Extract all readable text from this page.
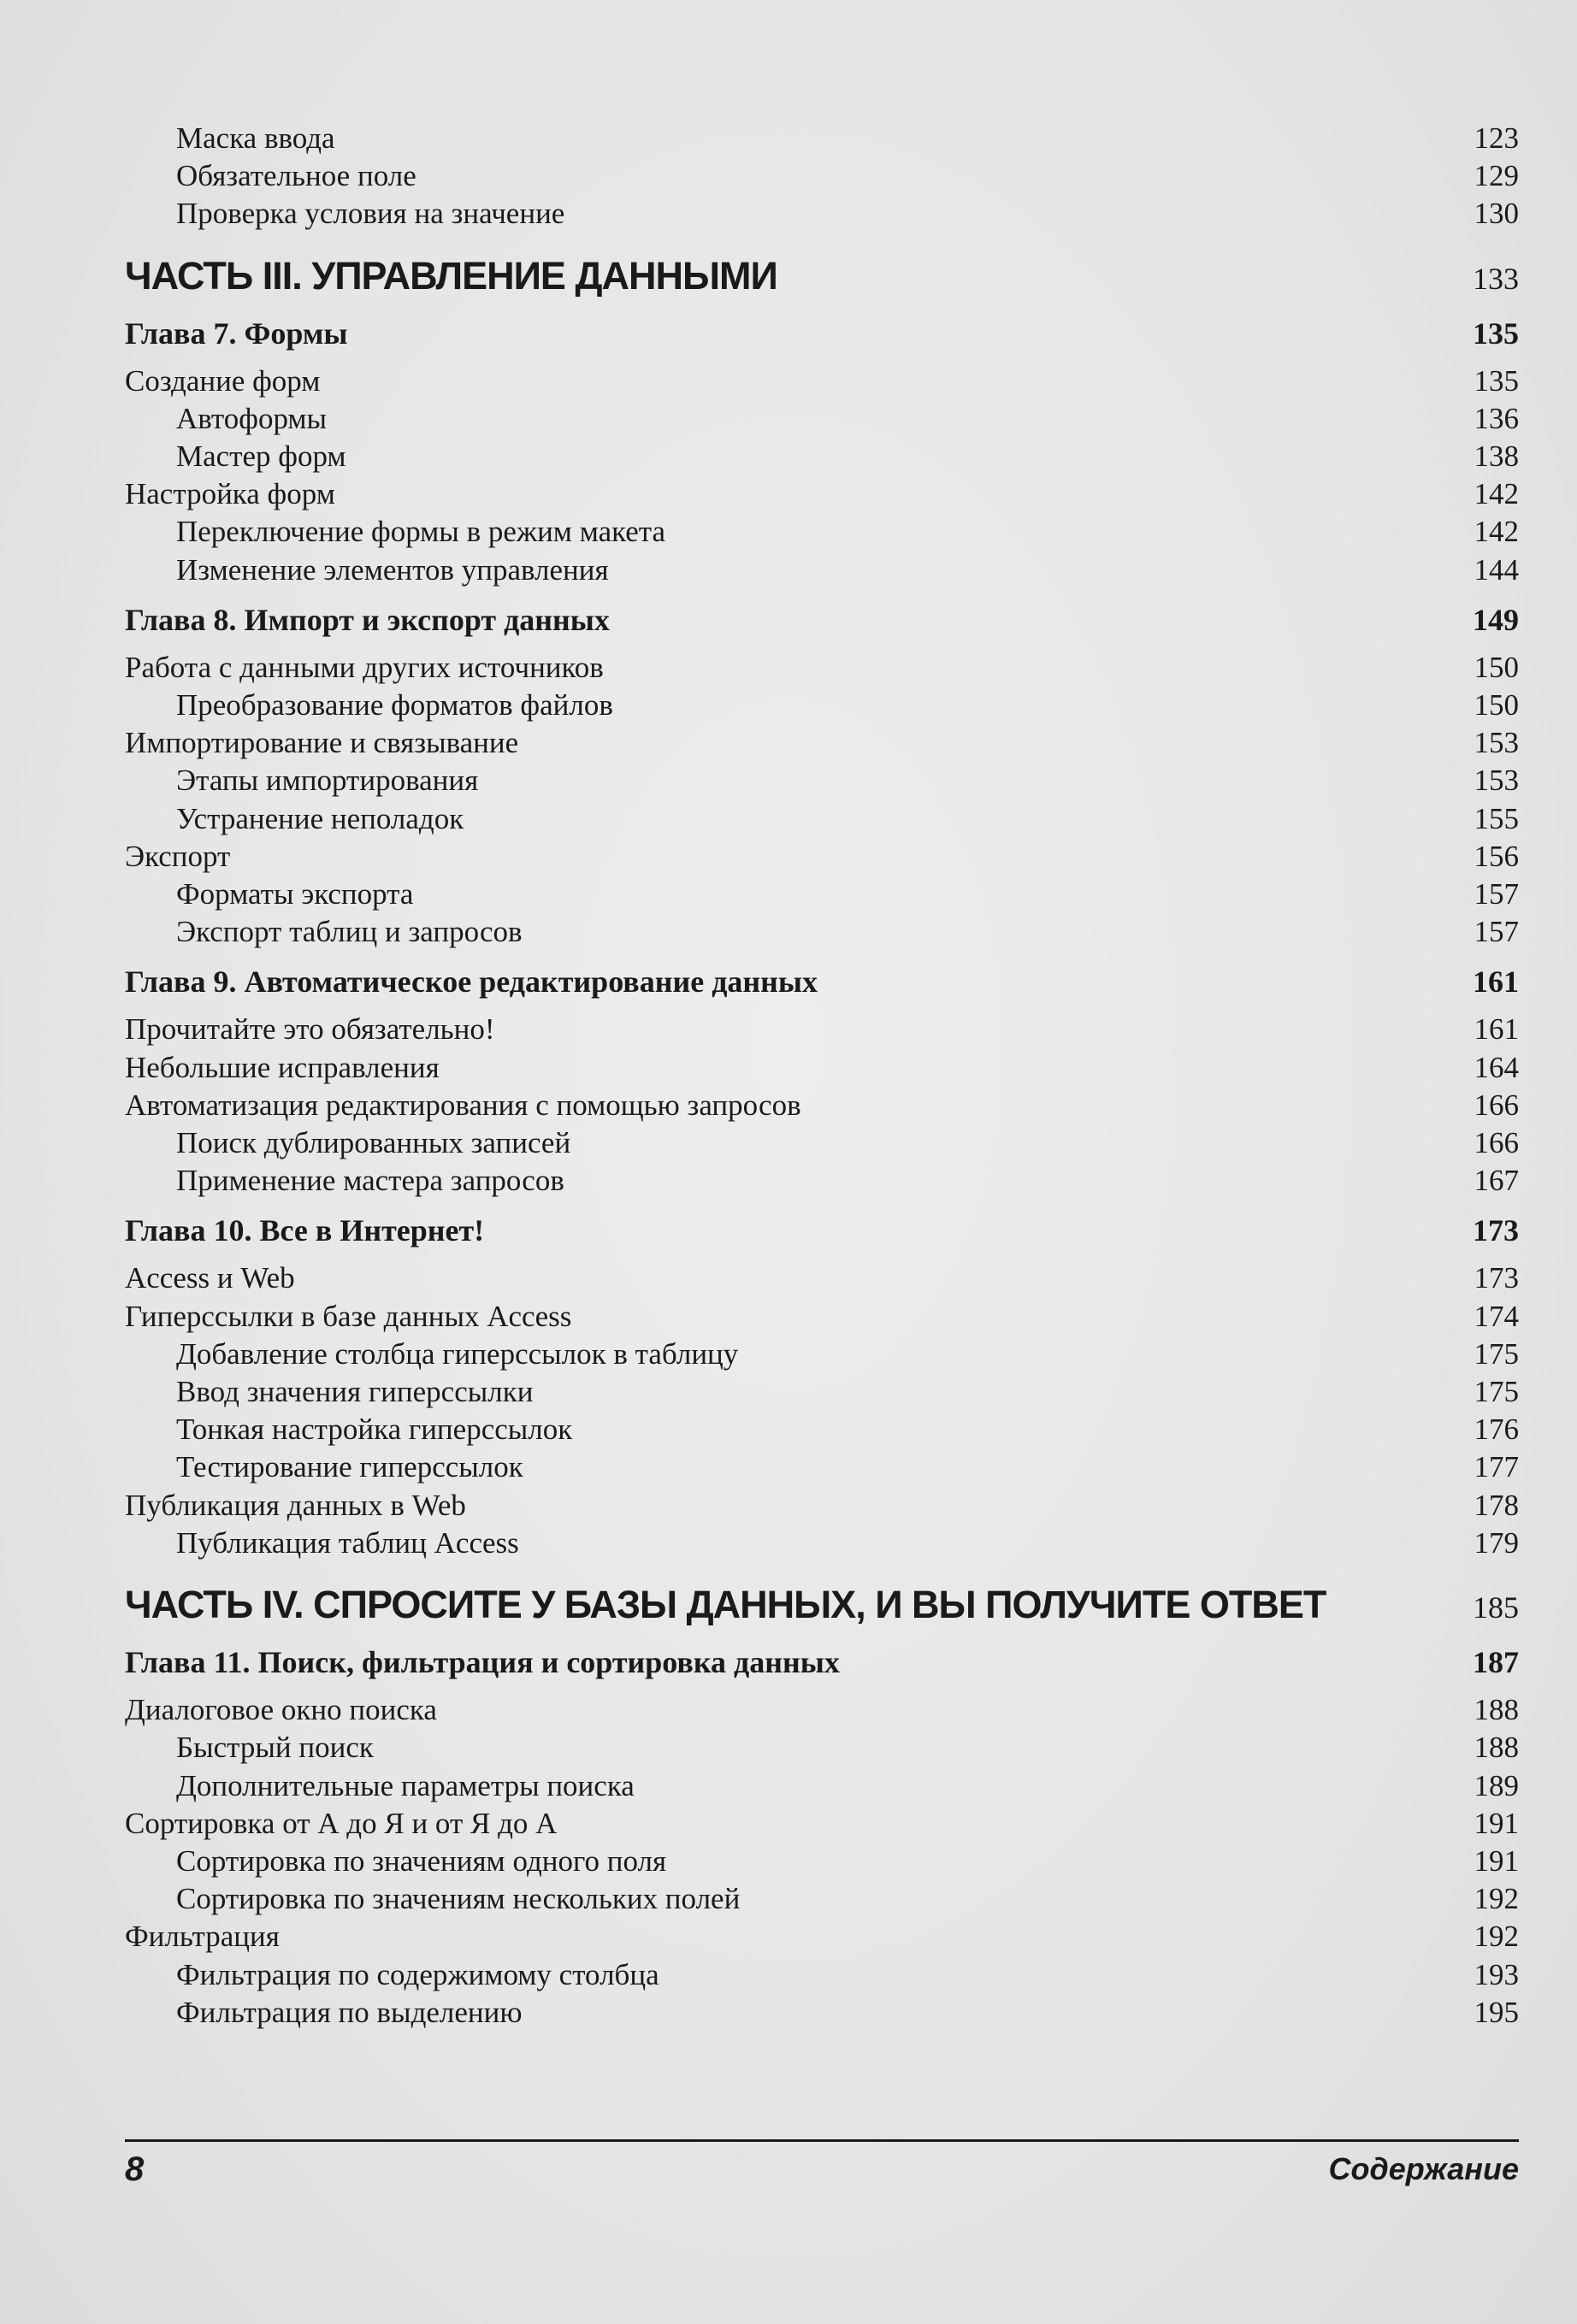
Маска ввода	123
Обязательное поле	129
Проверка условия на значение	130
ЧАСТЬ III. УПРАВЛЕНИЕ ДАННЫМИ	133
Глава 7. Формы	135
Создание форм	135
Автоформы	136
Мастер форм	138
Настройка форм	142
Переключение формы в режим макета	142
Изменение элементов управления	144
Глава 8. Импорт и экспорт данных	149
Работа с данными других источников	150
Преобразование форматов файлов	150
Импортирование и связывание	153
Этапы импортирования	153
Устранение неполадок	155
Экспорт	156
Форматы экспорта	157
Экспорт таблиц и запросов	157
Глава 9. Автоматическое редактирование данных	161
Прочитайте это обязательно!	161
Небольшие исправления	164
Автоматизация редактирования с помощью запросов	166
Поиск дублированных записей	166
Применение мастера запросов	167
Глава 10. Все в Интернет!	173
Access и Web	173
Гиперссылки в базе данных Access	174
Добавление столбца гиперссылок в таблицу	175
Ввод значения гиперссылки	175
Тонкая настройка гиперссылок	176
Тестирование гиперссылок	177
Публикация данных в Web	178
Публикация таблиц Access	179
ЧАСТЬ IV. СПРОСИТЕ У БАЗЫ ДАННЫХ, И ВЫ ПОЛУЧИТЕ ОТВЕТ	185
Глава 11. Поиск, фильтрация и сортировка данных	187
Диалоговое окно поиска	188
Быстрый поиск	188
Дополнительные параметры поиска	189
Сортировка от А до Я и от Я до А	191
Сортировка по значениям одного поля	191
Сортировка по значениям нескольких полей	192
Фильтрация	192
Фильтрация по содержимому столбца	193
Фильтрация по выделению	195
8	Содержание
